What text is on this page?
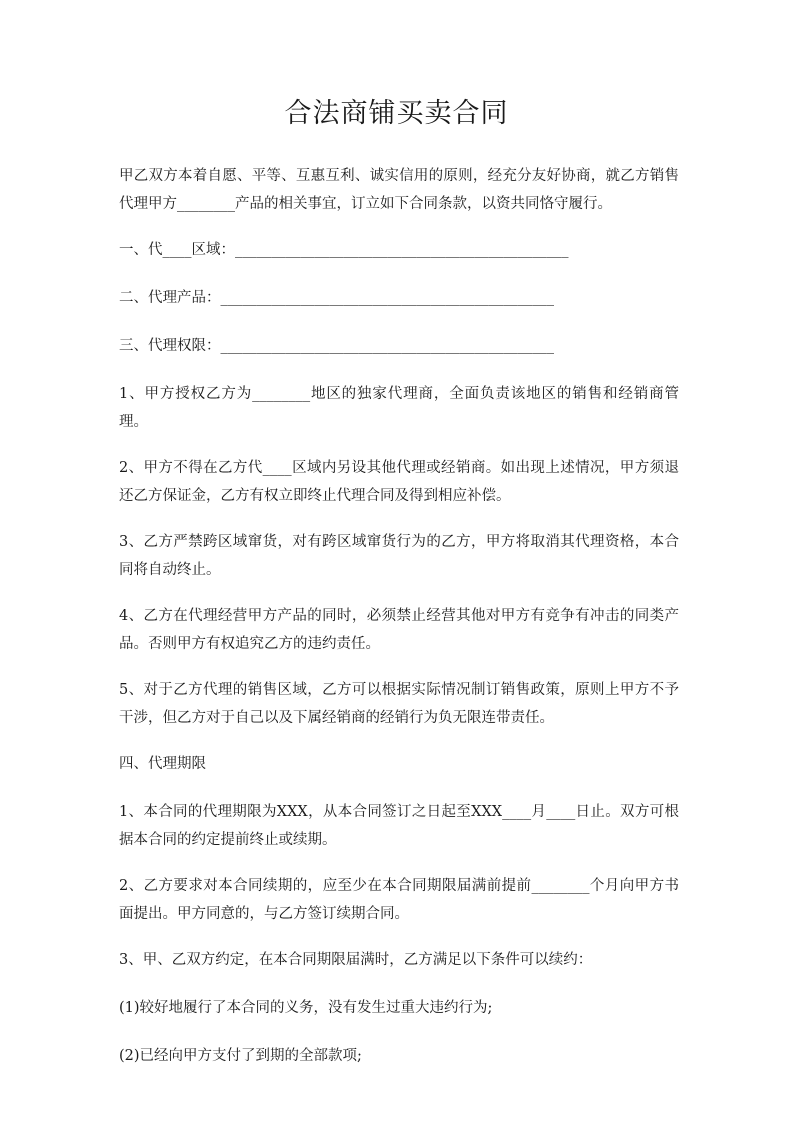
合法商铺买卖合同

甲乙双方本着自愿、平等、互惠互利、诚实信用的原则，经充分友好协商，就乙方销售代理甲方________产品的相关事宜，订立如下合同条款，以资共同恪守履行。

一、代____区域：______________________________________________

二、代理产品：______________________________________________

三、代理权限：______________________________________________

1、甲方授权乙方为________地区的独家代理商，全面负责该地区的销售和经销商管理。

2、甲方不得在乙方代____区域内另设其他代理或经销商。如出现上述情况，甲方须退还乙方保证金，乙方有权立即终止代理合同及得到相应补偿。

3、乙方严禁跨区域窜货，对有跨区域窜货行为的乙方，甲方将取消其代理资格，本合同将自动终止。

4、乙方在代理经营甲方产品的同时，必须禁止经营其他对甲方有竞争有冲击的同类产品。否则甲方有权追究乙方的违约责任。

5、对于乙方代理的销售区域，乙方可以根据实际情况制订销售政策，原则上甲方不予干涉，但乙方对于自己以及下属经销商的经销行为负无限连带责任。

四、代理期限

1、本合同的代理期限为XXX，从本合同签订之日起至XXX____月____日止。双方可根据本合同的约定提前终止或续期。

2、乙方要求对本合同续期的，应至少在本合同期限届满前提前________个月向甲方书面提出。甲方同意的，与乙方签订续期合同。

3、甲、乙双方约定，在本合同期限届满时，乙方满足以下条件可以续约：

(1)较好地履行了本合同的义务，没有发生过重大违约行为;

(2)已经向甲方支付了到期的全部款项;
